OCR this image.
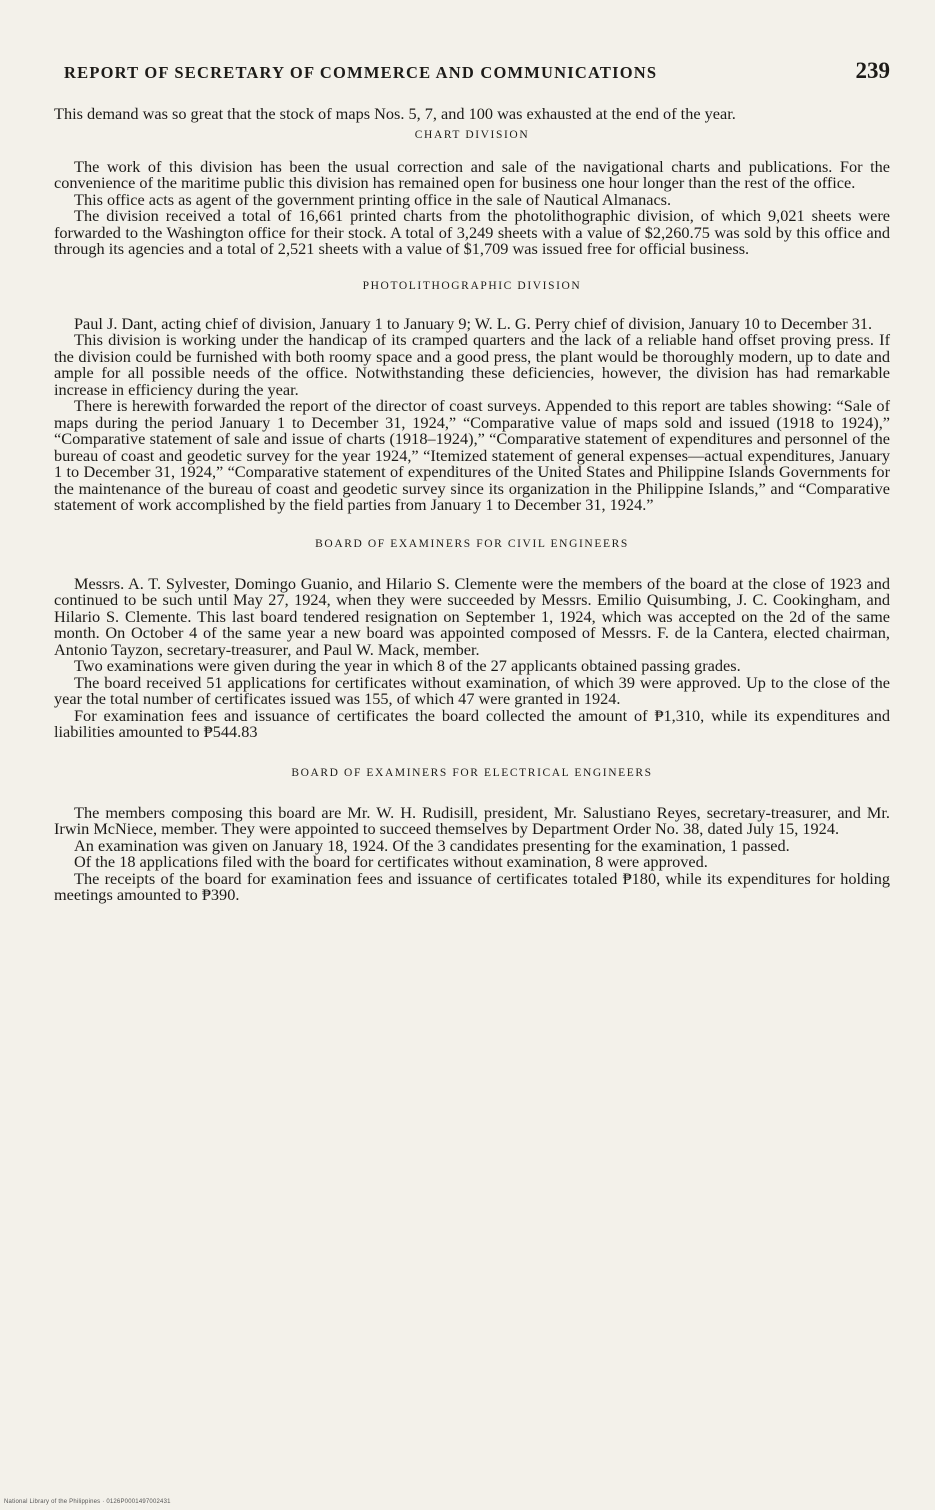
REPORT OF SECRETARY OF COMMERCE AND COMMUNICATIONS	239

This demand was so great that the stock of maps Nos. 5, 7, and 100 was exhausted at the end of the year.

CHART DIVISION

The work of this division has been the usual correction and sale of the navigational charts and publications. For the convenience of the maritime public this division has remained open for business one hour longer than the rest of the office.

This office acts as agent of the government printing office in the sale of Nautical Almanacs.

The division received a total of 16,661 printed charts from the photolithographic division, of which 9,021 sheets were forwarded to the Washington office for their stock. A total of 3,249 sheets with a value of $2,260.75 was sold by this office and through its agencies and a total of 2,521 sheets with a value of $1,709 was issued free for official business.

PHOTOLITHOGRAPHIC DIVISION

Paul J. Dant, acting chief of division, January 1 to January 9; W. L. G. Perry chief of division, January 10 to December 31.

This division is working under the handicap of its cramped quarters and the lack of a reliable hand offset proving press. If the division could be furnished with both roomy space and a good press, the plant would be thoroughly modern, up to date and ample for all possible needs of the office. Notwithstanding these deficiencies, however, the division has had remarkable increase in efficiency during the year.

There is herewith forwarded the report of the director of coast surveys. Appended to this report are tables showing: “Sale of maps during the period January 1 to December 31, 1924,” “Comparative value of maps sold and issued (1918 to 1924),” “Comparative statement of sale and issue of charts (1918–1924),” “Comparative statement of expenditures and personnel of the bureau of coast and geodetic survey for the year 1924,” “Itemized statement of general expenses—actual expenditures, January 1 to December 31, 1924,” “Comparative statement of expenditures of the United States and Philippine Islands Governments for the maintenance of the bureau of coast and geodetic survey since its organization in the Philippine Islands,” and “Comparative statement of work accomplished by the field parties from January 1 to December 31, 1924.”

BOARD OF EXAMINERS FOR CIVIL ENGINEERS

Messrs. A. T. Sylvester, Domingo Guanio, and Hilario S. Clemente were the members of the board at the close of 1923 and continued to be such until May 27, 1924, when they were succeeded by Messrs. Emilio Quisumbing, J. C. Cookingham, and Hilario S. Clemente. This last board tendered resignation on September 1, 1924, which was accepted on the 2d of the same month. On October 4 of the same year a new board was appointed composed of Messrs. F. de la Cantera, elected chairman, Antonio Tayzon, secretary-treasurer, and Paul W. Mack, member.

Two examinations were given during the year in which 8 of the 27 applicants obtained passing grades.

The board received 51 applications for certificates without examination, of which 39 were approved. Up to the close of the year the total number of certificates issued was 155, of which 47 were granted in 1924.

For examination fees and issuance of certificates the board collected the amount of ₱1,310, while its expenditures and liabilities amounted to ₱544.83

BOARD OF EXAMINERS FOR ELECTRICAL ENGINEERS

The members composing this board are Mr. W. H. Rudisill, president, Mr. Salustiano Reyes, secretary-treasurer, and Mr. Irwin McNiece, member. They were appointed to succeed themselves by Department Order No. 38, dated July 15, 1924.

An examination was given on January 18, 1924. Of the 3 candidates presenting for the examination, 1 passed.

Of the 18 applications filed with the board for certificates without examination, 8 were approved.

The receipts of the board for examination fees and issuance of certificates totaled ₱180, while its expenditures for holding meetings amounted to ₱390.

National Library of the Philippines · 0126P0001497002431
